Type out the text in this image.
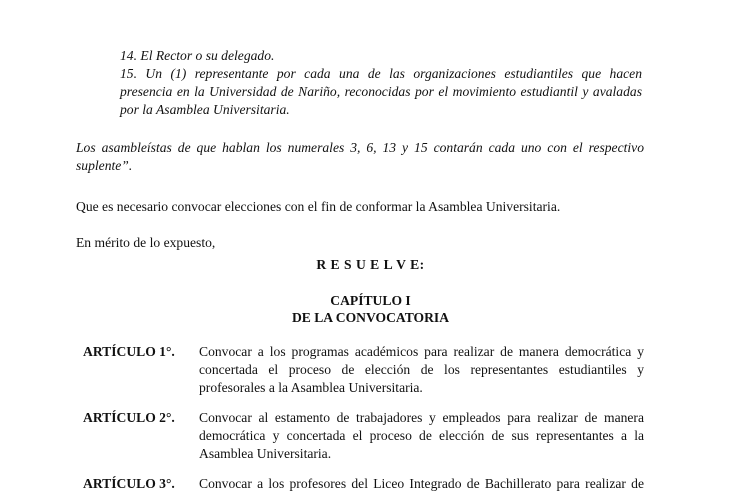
14. El Rector o su delegado.
15. Un (1) representante por cada una de las organizaciones estudiantiles que hacen
presencia en la Universidad de Nariño, reconocidas por el movimiento estudiantil y avaladas
por la Asamblea Universitaria.
Los asambleístas de que hablan los numerales 3, 6, 13 y 15 contarán cada uno con el respectivo
suplente”.
Que es necesario convocar elecciones con el fin de conformar la Asamblea Universitaria.
En mérito de lo expuesto,
R E S U E L V E:
CAPÍTULO I
DE LA CONVOCATORIA
ARTÍCULO 1°. Convocar a los programas académicos para realizar de manera democrática y
concertada el proceso de elección de los representantes estudiantiles y
profesorales a la Asamblea Universitaria.
ARTÍCULO 2°. Convocar al estamento de trabajadores y empleados para realizar de manera
democrática y concertada el proceso de elección de sus representantes a la
Asamblea Universitaria.
ARTÍCULO 3°. Convocar a los profesores del Liceo Integrado de Bachillerato para realizar de
